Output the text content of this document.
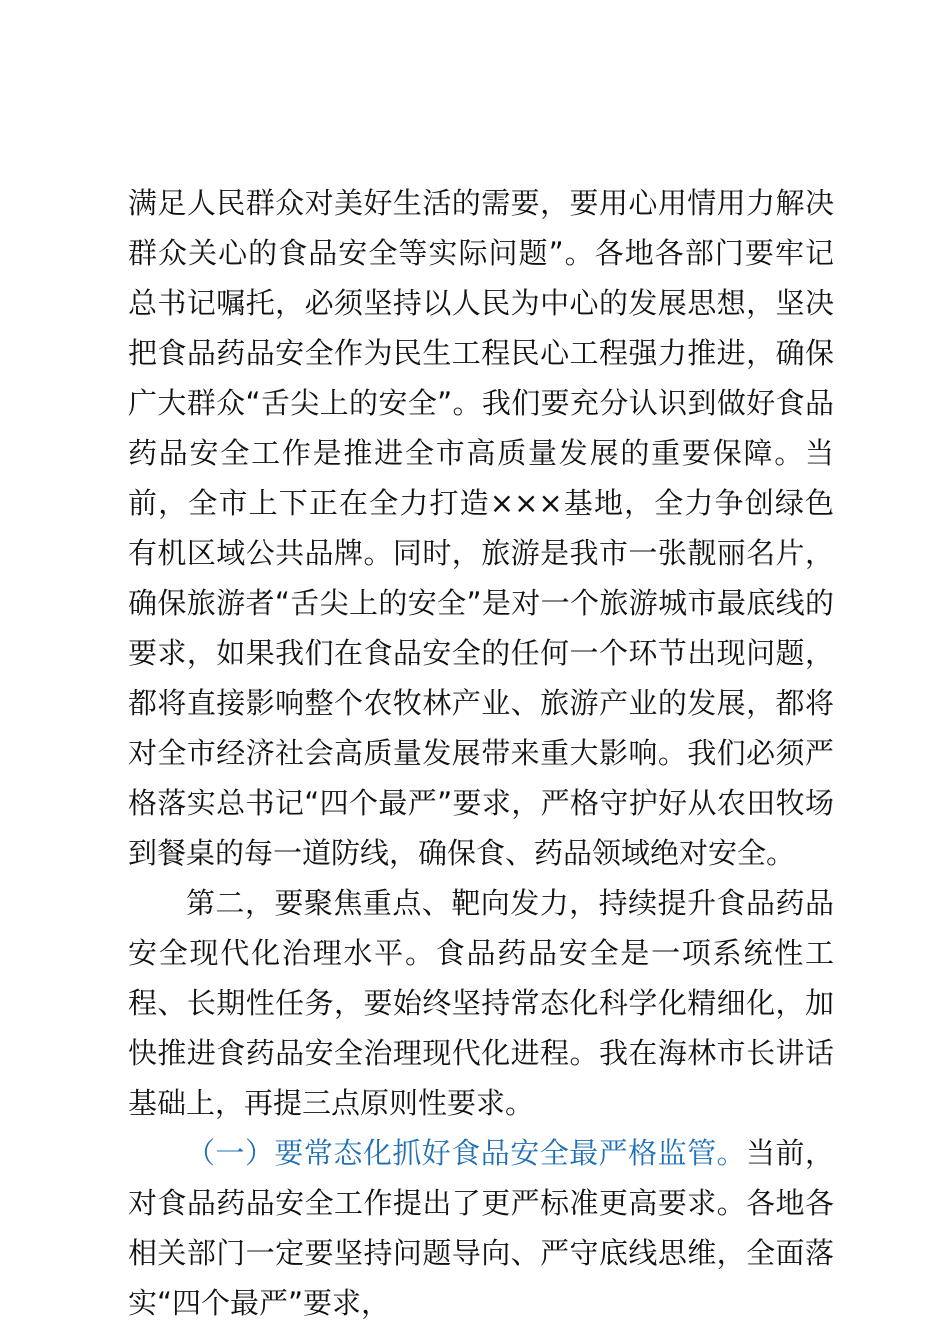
满足人民群众对美好生活的需要，要用心用情用力解决群众关心的食品安全等实际问题”。各地各部门要牢记总书记嘱托，必须坚持以人民为中心的发展思想，坚决把食品药品安全作为民生工程民心工程强力推进，确保广大群众“舌尖上的安全”。我们要充分认识到做好食品药品安全工作是推进全市高质量发展的重要保障。当前，全市上下正在全力打造×××基地，全力争创绿色有机区域公共品牌。同时，旅游是我市一张靓丽名片，确保旅游者“舌尖上的安全”是对一个旅游城市最底线的要求，如果我们在食品安全的任何一个环节出现问题，都将直接影响整个农牧林产业、旅游产业的发展，都将对全市经济社会高质量发展带来重大影响。我们必须严格落实总书记“四个最严”要求，严格守护好从农田牧场到餐桌的每一道防线，确保食、药品领域绝对安全。

第二，要聚焦重点、靶向发力，持续提升食品药品安全现代化治理水平。食品药品安全是一项系统性工程、长期性任务，要始终坚持常态化科学化精细化，加快推进食药品安全治理现代化进程。我在海林市长讲话基础上，再提三点原则性要求。

（一）要常态化抓好食品安全最严格监管。当前，对食品药品安全工作提出了更严标准更高要求。各地各相关部门一定要坚持问题导向、严守底线思维，全面落实“四个最严”要求，
